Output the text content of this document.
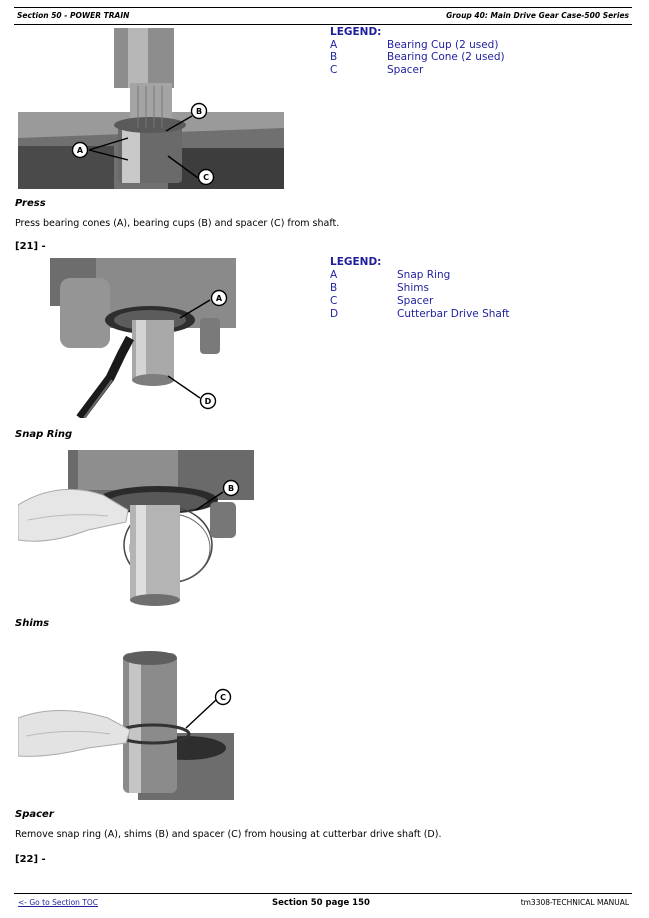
Section 50 - POWER TRAIN	Group 40: Main Drive Gear Case-500 Series
A
B
C
LEGEND:
A	Bearing Cup (2 used)
B	Bearing Cone (2 used)
C	Spacer
Press
Press bearing cones (A), bearing cups (B) and spacer (C) from shaft.
[21] -
A
D
LEGEND:
A	Snap Ring
B	Shims
C	Spacer
D	Cutterbar Drive Shaft
Snap Ring
B
Shims
C
Spacer
Remove snap ring (A), shims (B) and spacer (C) from housing at cutterbar drive shaft (D).
[22] -
<- Go to Section TOC	Section 50 page 150	tm3308-TECHNICAL MANUAL
